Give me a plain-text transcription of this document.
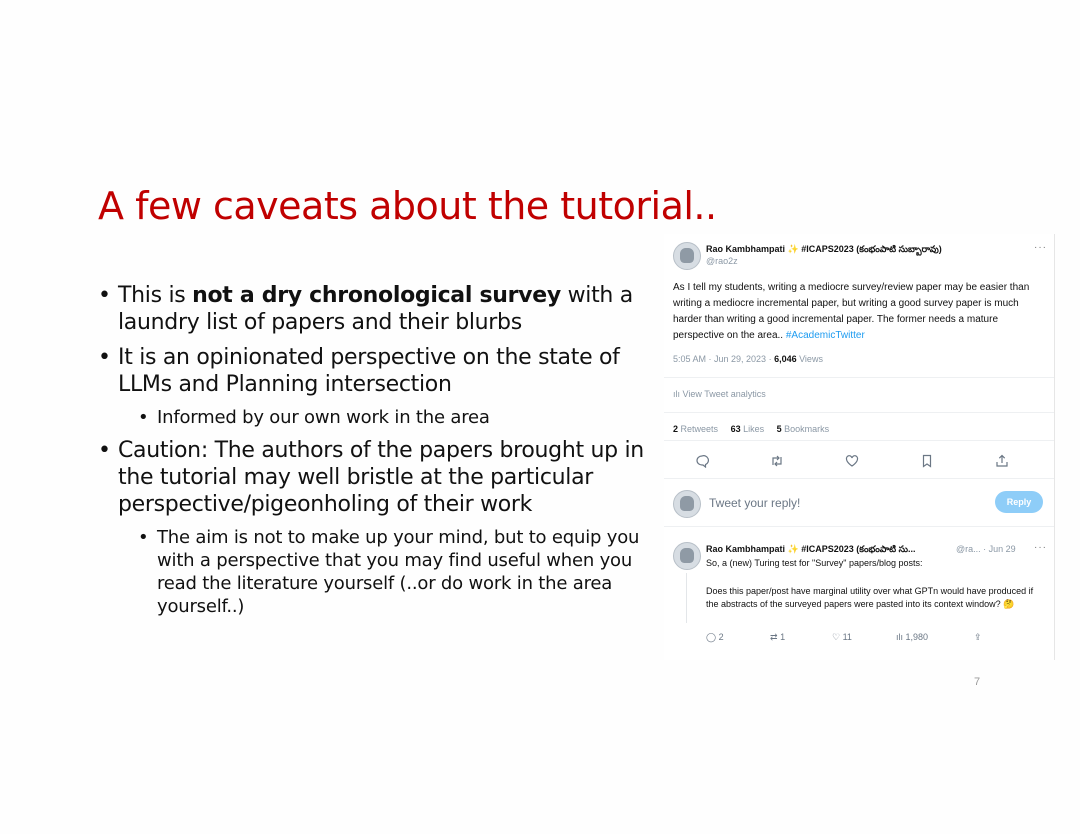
A few caveats about the tutorial..
• This is not a dry chronological survey with a laundry list of papers and their blurbs
• It is an opinionated perspective on the state of LLMs and Planning intersection
• Informed by our own work in the area
• Caution: The authors of the papers brought up in the tutorial may well bristle at the particular perspective/pigeonholing of their work
• The aim is not to make up your mind, but to equip you with a perspective that you may find useful when you read the literature yourself (..or do work in the area yourself..)
Rao Kambhampati ✨ #ICAPS2023 (కంభంపాటి సుబ్బారావు)
@rao2z
···
As I tell my students, writing a mediocre survey/review paper may be easier than writing a mediocre incremental paper, but writing a good survey paper is much harder than writing a good incremental paper. The former needs a mature perspective on the area.. #AcademicTwitter
5:05 AM · Jun 29, 2023 · 6,046 Views
ılı View Tweet analytics
2 Retweets 63 Likes 5 Bookmarks
Tweet your reply!	Reply
Rao Kambhampati ✨ #ICAPS2023 (కంభంపాటి సు...	@ra... · Jun 29 ···
So, a (new) Turing test for "Survey" papers/blog posts:
Does this paper/post have marginal utility over what GPTn would have produced if the abstracts of the surveyed papers were pasted into its context window? 🤔
◯ 2	⇄ 1	♡ 11	ılı 1,980	⇪
7
